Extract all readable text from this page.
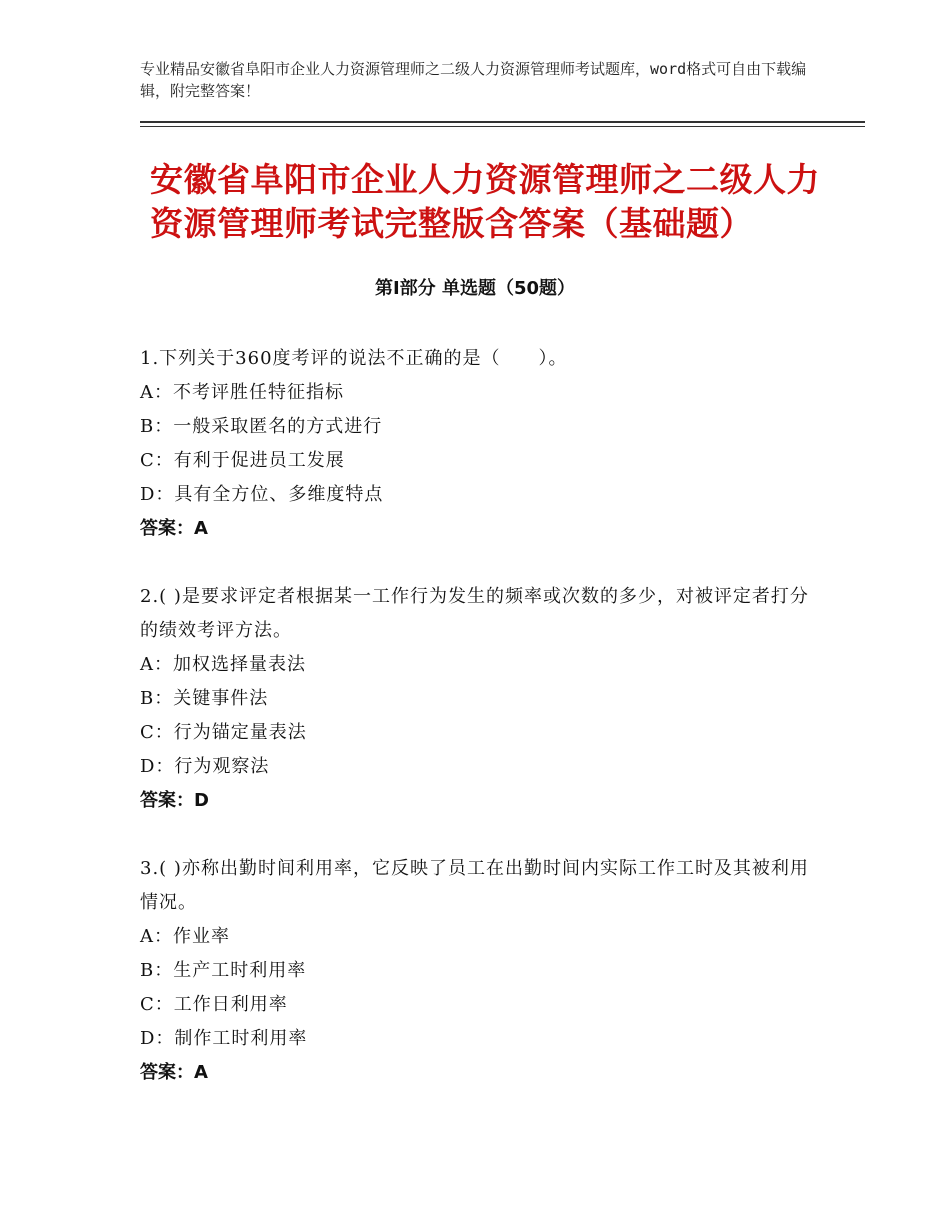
专业精品安徽省阜阳市企业人力资源管理师之二级人力资源管理师考试题库，word格式可自由下载编辑，附完整答案！
安徽省阜阳市企业人力资源管理师之二级人力资源管理师考试完整版含答案（基础题）
第Ⅰ部分 单选题（50题）
1.下列关于360度考评的说法不正确的是（　　）。
A：不考评胜任特征指标
B：一般采取匿名的方式进行
C：有利于促进员工发展
D：具有全方位、多维度特点
答案：A
2.( )是要求评定者根据某一工作行为发生的频率或次数的多少，对被评定者打分的绩效考评方法。
A：加权选择量表法
B：关键事件法
C：行为锚定量表法
D：行为观察法
答案：D
3.( )亦称出勤时间利用率，它反映了员工在出勤时间内实际工作工时及其被利用情况。
A：作业率
B：生产工时利用率
C：工作日利用率
D：制作工时利用率
答案：A
